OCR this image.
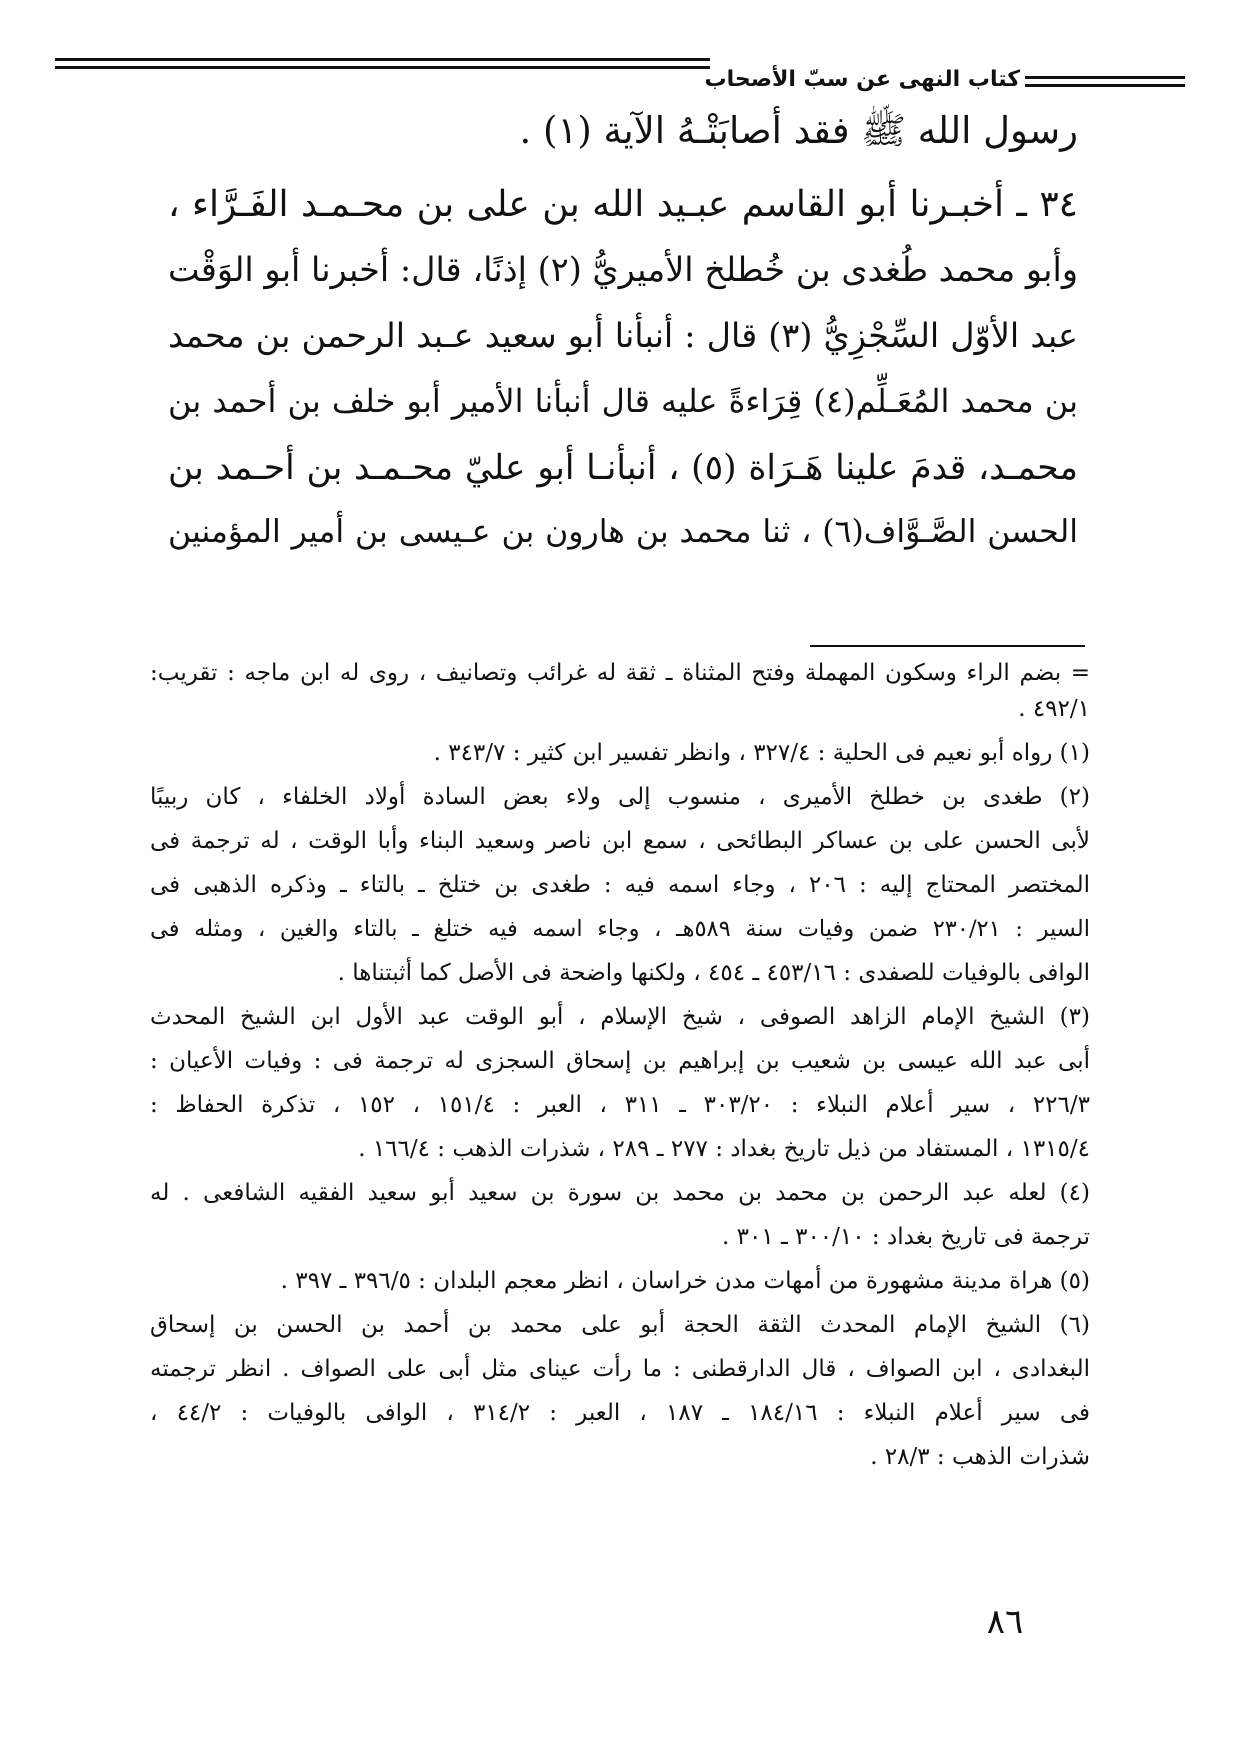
كتاب النهى عن سبّ الأصحاب
رسول الله ﷺ فقد أصابَتْـهُ الآية (١) .
٣٤ ـ أخبـرنا أبو القاسم عبـيد الله بن على بن محـمـد الفَـرَّاء ،
وأبو محمد طُغدى بن خُطلخ الأميريُّ (٢) إذنًا، قال: أخبرنا أبو الوَقْت
عبد الأوّل السِّجْزِيُّ (٣) قال : أنبأنا أبو سعيد عـبد الرحمن بن محمد
بن محمد المُعَـلِّم(٤) قِرَاءةً عليه قال أنبأنا الأمير أبو خلف بن أحمد بن
محمـد، قدمَ علينا هَـرَاة (٥) ، أنبأنـا أبو عليّ محـمـد بن أحـمد بن
الحسن الصَّـوَّاف(٦) ، ثنا محمد بن هارون بن عـيسى بن أمير المؤمنين
= بضم الراء وسكون المهملة وفتح المثناة ـ ثقة له غرائب وتصانيف ، روى له ابن ماجه : تقريب:
٤٩٢/١ .
(١) رواه أبو نعيم فى الحلية : ٣٢٧/٤ ، وانظر تفسير ابن كثير : ٣٤٣/٧ .
(٢) طغدى بن خطلخ الأميرى ، منسوب إلى ولاء بعض السادة أولاد الخلفاء ، كان ربيبًا
لأبى الحسن على بن عساكر البطائحى ، سمع ابن ناصر وسعيد البناء وأبا الوقت ، له ترجمة فى
المختصر المحتاج إليه : ٢٠٦ ، وجاء اسمه فيه : طغدى بن ختلخ ـ بالتاء ـ وذكره الذهبى فى
السير : ٢٣٠/٢١ ضمن وفيات سنة ٥٨٩هـ ، وجاء اسمه فيه ختلغ ـ بالتاء والغين ، ومثله فى
الوافى بالوفيات للصفدى : ٤٥٣/١٦ ـ ٤٥٤ ، ولكنها واضحة فى الأصل كما أثبتناها .
(٣) الشيخ الإمام الزاهد الصوفى ، شيخ الإسلام ، أبو الوقت عبد الأول ابن الشيخ المحدث
أبى عبد الله عيسى بن شعيب بن إبراهيم بن إسحاق السجزى له ترجمة فى : وفيات الأعيان :
٢٢٦/٣ ، سير أعلام النبلاء : ٣٠٣/٢٠ ـ ٣١١ ، العبر : ١٥١/٤ ، ١٥٢ ، تذكرة الحفاظ :
١٣١٥/٤ ، المستفاد من ذيل تاريخ بغداد : ٢٧٧ ـ ٢٨٩ ، شذرات الذهب : ١٦٦/٤ .
(٤) لعله عبد الرحمن بن محمد بن محمد بن سورة بن سعيد أبو سعيد الفقيه الشافعى . له
ترجمة فى تاريخ بغداد : ٣٠٠/١٠ ـ ٣٠١ .
(٥) هراة مدينة مشهورة من أمهات مدن خراسان ، انظر معجم البلدان : ٣٩٦/٥ ـ ٣٩٧ .
(٦) الشيخ الإمام المحدث الثقة الحجة أبو على محمد بن أحمد بن الحسن بن إسحاق
البغدادى ، ابن الصواف ، قال الدارقطنى : ما رأت عيناى مثل أبى على الصواف . انظر ترجمته
فى سير أعلام النبلاء : ١٨٤/١٦ ـ ١٨٧ ، العبر : ٣١٤/٢ ، الوافى بالوفيات : ٤٤/٢ ،
شذرات الذهب : ٢٨/٣ .
٨٦
